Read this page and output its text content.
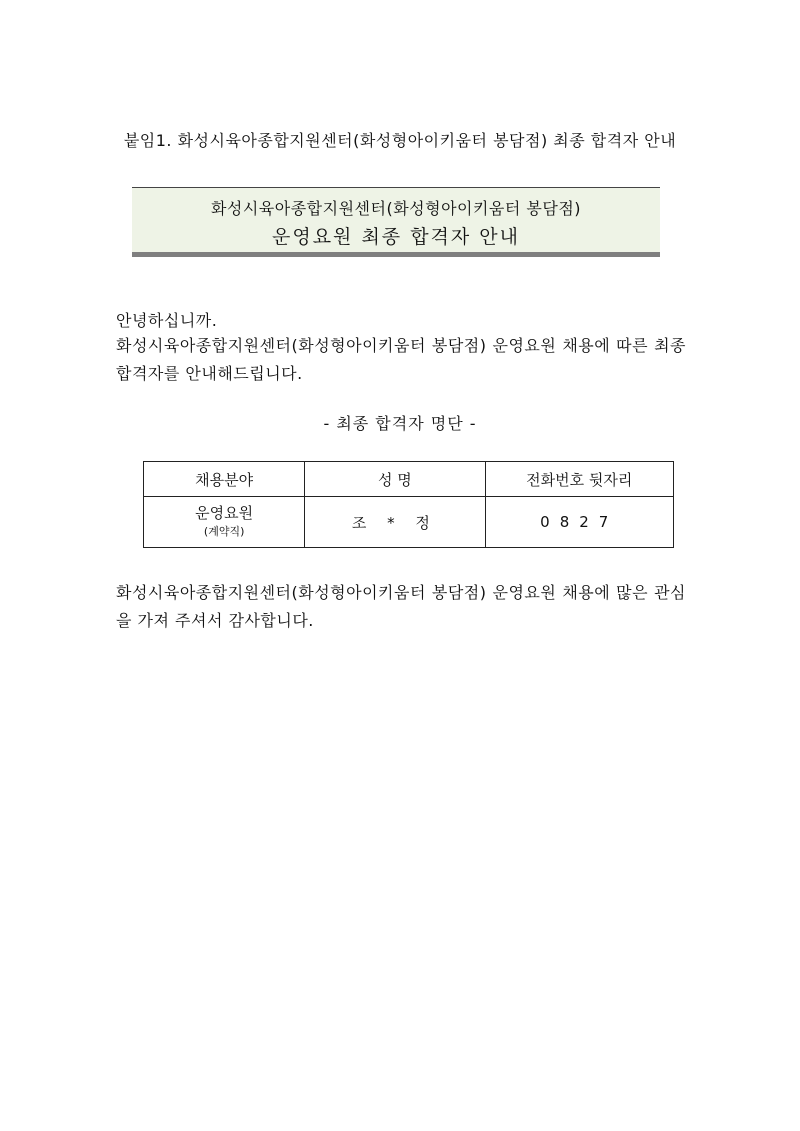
붙임1. 화성시육아종합지원센터(화성형아이키움터 봉담점) 최종 합격자 안내
화성시육아종합지원센터(화성형아이키움터 봉담점)
운영요원 최종 합격자 안내
안녕하십니까.
화성시육아종합지원센터(화성형아이키움터 봉담점) 운영요원 채용에 따른 최종 합격자를 안내해드립니다.
- 최종 합격자 명단 -
채용분야	성 명	전화번호 뒷자리

운영요원
(계약직)	조 * 정	0827
화성시육아종합지원센터(화성형아이키움터 봉담점) 운영요원 채용에 많은 관심을 가져 주셔서 감사합니다.
